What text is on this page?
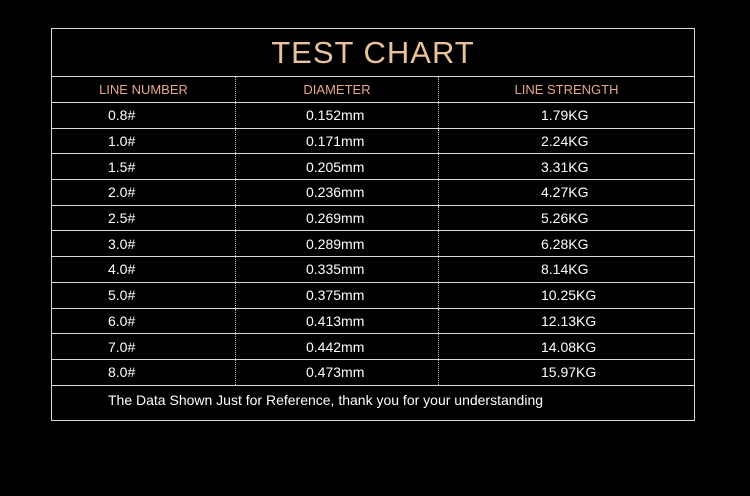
TEST CHART
LINE NUMBER	DIAMETER	LINE STRENGTH
0.8#	0.152mm	1.79KG
1.0#	0.171mm	2.24KG
1.5#	0.205mm	3.31KG
2.0#	0.236mm	4.27KG
2.5#	0.269mm	5.26KG
3.0#	0.289mm	6.28KG
4.0#	0.335mm	8.14KG
5.0#	0.375mm	10.25KG
6.0#	0.413mm	12.13KG
7.0#	0.442mm	14.08KG
8.0#	0.473mm	15.97KG
The Data Shown Just for Reference, thank you for your understanding
